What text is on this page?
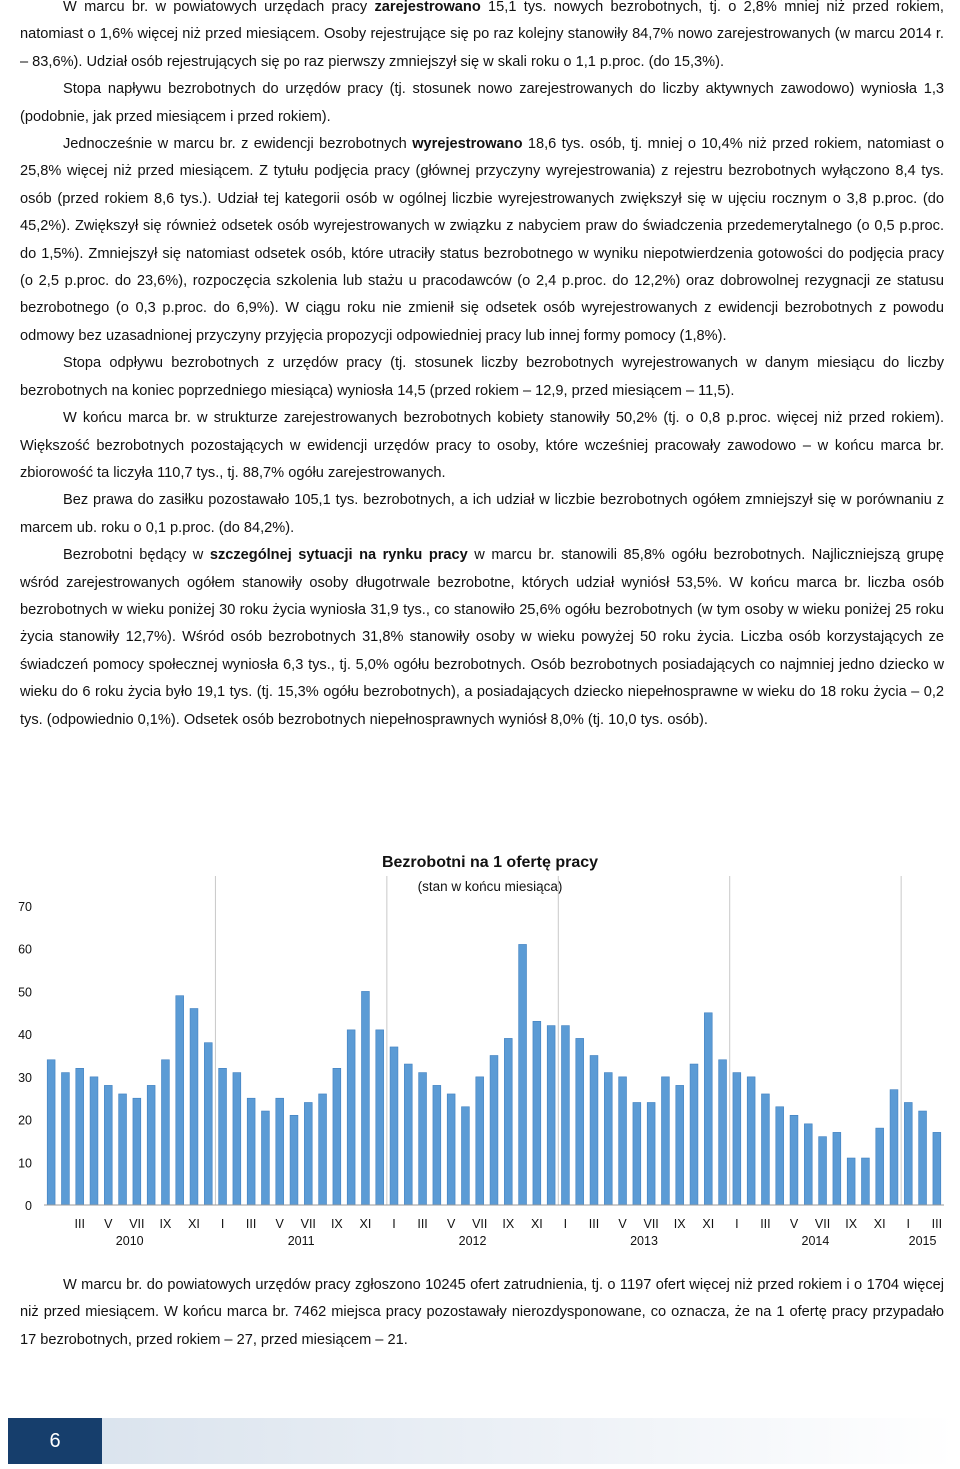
W marcu br. w powiatowych urzędach pracy zarejestrowano 15,1 tys. nowych bezrobotnych, tj. o 2,8% mniej niż przed rokiem, natomiast o 1,6% więcej niż przed miesiącem. Osoby rejestrujące się po raz kolejny stanowiły 84,7% nowo zarejestrowanych (w marcu 2014 r. – 83,6%). Udział osób rejestrujących się po raz pierwszy zmniejszył się w skali roku o 1,1 p.proc. (do 15,3%).

Stopa napływu bezrobotnych do urzędów pracy (tj. stosunek nowo zarejestrowanych do liczby aktywnych zawodowo) wyniosła 1,3 (podobnie, jak przed miesiącem i przed rokiem).

Jednocześnie w marcu br. z ewidencji bezrobotnych wyrejestrowano 18,6 tys. osób, tj. mniej o 10,4% niż przed rokiem, natomiast o 25,8% więcej niż przed miesiącem. Z tytułu podjęcia pracy (głównej przyczyny wyrejestrowania) z rejestru bezrobotnych wyłączono 8,4 tys. osób (przed rokiem 8,6 tys.). Udział tej kategorii osób w ogólnej liczbie wyrejestrowanych zwiększył się w ujęciu rocznym o 3,8 p.proc. (do 45,2%). Zwiększył się również odsetek osób wyrejestrowanych w związku z nabyciem praw do świadczenia przedemerytalnego (o 0,5 p.proc. do 1,5%). Zmniejszył się natomiast odsetek osób, które utraciły status bezrobotnego w wyniku niepotwierdzenia gotowości do podjęcia pracy (o 2,5 p.proc. do 23,6%), rozpoczęcia szkolenia lub stażu u pracodawców (o 2,4 p.proc. do 12,2%) oraz dobrowolnej rezygnacji ze statusu bezrobotnego (o 0,3 p.proc. do 6,9%). W ciągu roku nie zmienił się odsetek osób wyrejestrowanych z ewidencji bezrobotnych z powodu odmowy bez uzasadnionej przyczyny przyjęcia propozycji odpowiedniej pracy lub innej formy pomocy (1,8%).

Stopa odpływu bezrobotnych z urzędów pracy (tj. stosunek liczby bezrobotnych wyrejestrowanych w danym miesiącu do liczby bezrobotnych na koniec poprzedniego miesiąca) wyniosła 14,5 (przed rokiem – 12,9, przed miesiącem – 11,5).

W końcu marca br. w strukturze zarejestrowanych bezrobotnych kobiety stanowiły 50,2% (tj. o 0,8 p.proc. więcej niż przed rokiem). Większość bezrobotnych pozostających w ewidencji urzędów pracy to osoby, które wcześniej pracowały zawodowo – w końcu marca br. zbiorowość ta liczyła 110,7 tys., tj. 88,7% ogółu zarejestrowanych.

Bez prawa do zasiłku pozostawało 105,1 tys. bezrobotnych, a ich udział w liczbie bezrobotnych ogółem zmniejszył się w porównaniu z marcem ub. roku o 0,1 p.proc. (do 84,2%).

Bezrobotni będący w szczególnej sytuacji na rynku pracy w marcu br. stanowili 85,8% ogółu bezrobotnych. Najliczniejszą grupę wśród zarejestrowanych ogółem stanowiły osoby długotrwale bezrobotne, których udział wyniósł 53,5%. W końcu marca br. liczba osób bezrobotnych w wieku poniżej 30 roku życia wyniosła 31,9 tys., co stanowiło 25,6% ogółu bezrobotnych (w tym osoby w wieku poniżej 25 roku życia stanowiły 12,7%). Wśród osób bezrobotnych 31,8% stanowiły osoby w wieku powyżej 50 roku życia. Liczba osób korzystających ze świadczeń pomocy społecznej wyniosła 6,3 tys., tj. 5,0% ogółu bezrobotnych. Osób bezrobotnych posiadających co najmniej jedno dziecko w wieku do 6 roku życia było 19,1 tys. (tj. 15,3% ogółu bezrobotnych), a posiadających dziecko niepełnosprawne w wieku do 18 roku życia – 0,2 tys. (odpowiednio 0,1%). Odsetek osób bezrobotnych niepełnosprawnych wyniósł 8,0% (tj. 10,0 tys. osób).

Bezrobotni na 1 ofertę pracy
(stan w końcu miesiąca)
0
10
20
30
40
50
60
70
III V VII IX XI I III V VII IX XI I III V VII IX XI I III V VII IX XI I III V VII IX XI I III
2010	2011	2012	2013	2014	2015

W marcu br. do powiatowych urzędów pracy zgłoszono 10245 ofert zatrudnienia, tj. o 1197 ofert więcej niż przed rokiem i o 1704 więcej niż przed miesiącem. W końcu marca br. 7462 miejsca pracy pozostawały nierozdysponowane, co oznacza, że na 1 ofertę pracy przypadało 17 bezrobotnych, przed rokiem – 27, przed miesiącem – 21.

6
